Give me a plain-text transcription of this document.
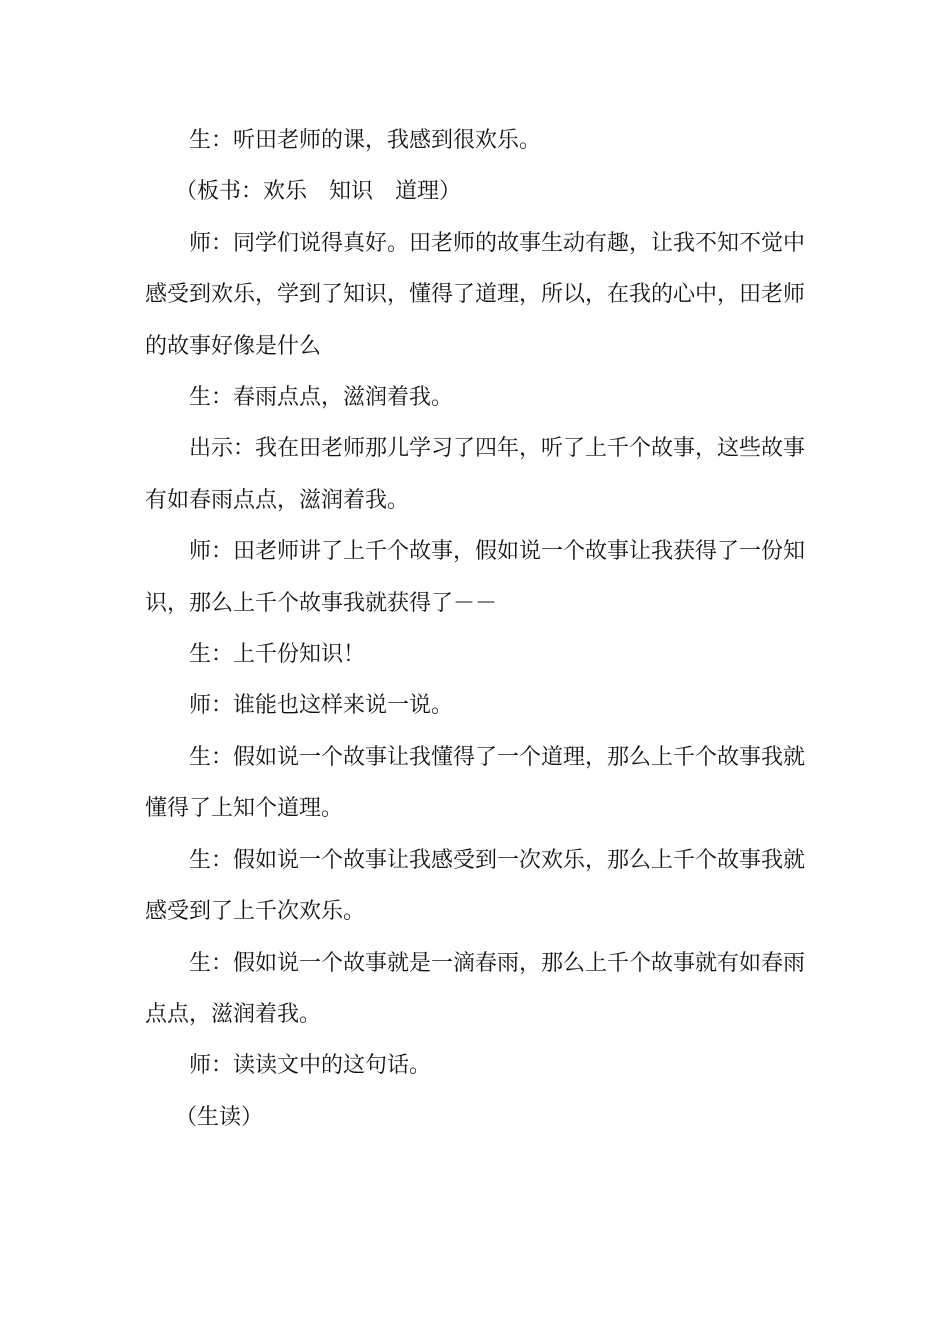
生：听田老师的课，我感到很欢乐。

（板书：欢乐　知识　道理）

师：同学们说得真好。田老师的故事生动有趣，让我不知不觉中感受到欢乐，学到了知识，懂得了道理，所以，在我的心中，田老师的故事好像是什么

生：春雨点点，滋润着我。

出示：我在田老师那儿学习了四年，听了上千个故事，这些故事有如春雨点点，滋润着我。

师：田老师讲了上千个故事，假如说一个故事让我获得了一份知识，那么上千个故事我就获得了－－

生：上千份知识！

师：谁能也这样来说一说。

生：假如说一个故事让我懂得了一个道理，那么上千个故事我就懂得了上知个道理。

生：假如说一个故事让我感受到一次欢乐，那么上千个故事我就感受到了上千次欢乐。

生：假如说一个故事就是一滴春雨，那么上千个故事就有如春雨点点，滋润着我。

师：读读文中的这句话。

（生读）
